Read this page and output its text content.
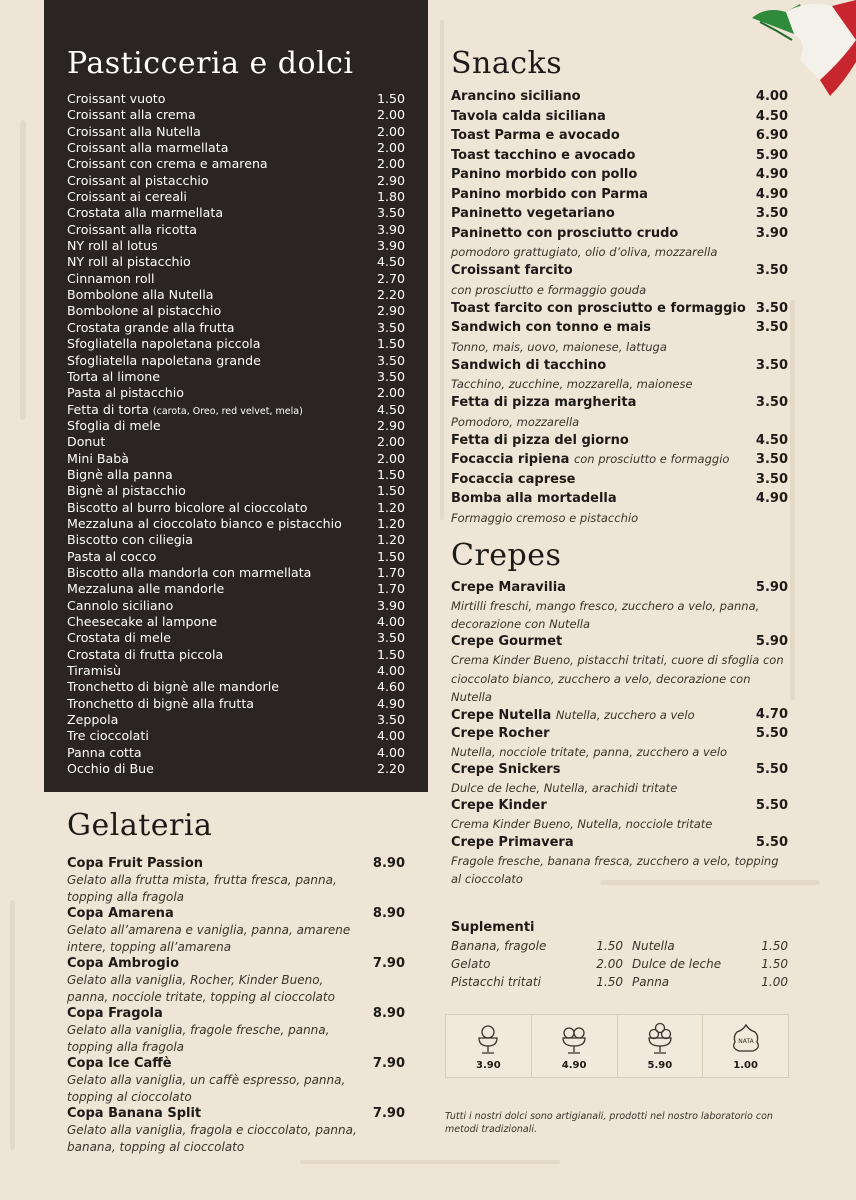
Pasticceria e dolci
Croissant vuoto	1.50
Croissant alla crema	2.00
Croissant alla Nutella	2.00
Croissant alla marmellata	2.00
Croissant con crema e amarena	2.00
Croissant al pistacchio	2.90
Croissant ai cereali	1.80
Crostata alla marmellata	3.50
Croissant alla ricotta	3.90
NY roll al lotus	3.90
NY roll al pistacchio	4.50
Cinnamon roll	2.70
Bombolone alla Nutella	2.20
Bombolone al pistacchio	2.90
Crostata grande alla frutta	3.50
Sfogliatella napoletana piccola	1.50
Sfogliatella napoletana grande	3.50
Torta al limone	3.50
Pasta al pistacchio	2.00
Fetta di torta (carota, Oreo, red velvet, mela)	4.50
Sfoglia di mele	2.90
Donut	2.00
Mini Babà	2.00
Bignè alla panna	1.50
Bignè al pistacchio	1.50
Biscotto al burro bicolore al cioccolato	1.20
Mezzaluna al cioccolato bianco e pistacchio	1.20
Biscotto con ciliegia	1.20
Pasta al cocco	1.50
Biscotto alla mandorla con marmellata	1.70
Mezzaluna alle mandorle	1.70
Cannolo siciliano	3.90
Cheesecake al lampone	4.00
Crostata di mele	3.50
Crostata di frutta piccola	1.50
Tiramisù	4.00
Tronchetto di bignè alle mandorle	4.60
Tronchetto di bignè alla frutta	4.90
Zeppola	3.50
Tre cioccolati	4.00
Panna cotta	4.00
Occhio di Bue	2.20
Gelateria
Copa Fruit Passion	8.90
Gelato alla frutta mista, frutta fresca, panna, topping alla fragola
Copa Amarena	8.90
Gelato all’amarena e vaniglia, panna, amarene intere, topping all’amarena
Copa Ambrogio	7.90
Gelato alla vaniglia, Rocher, Kinder Bueno, panna, nocciole tritate, topping al cioccolato
Copa Fragola	8.90
Gelato alla vaniglia, fragole fresche, panna, topping alla fragola
Copa Ice Caffè	7.90
Gelato alla vaniglia, un caffè espresso, panna, topping al cioccolato
Copa Banana Split	7.90
Gelato alla vaniglia, fragola e cioccolato, panna, banana, topping al cioccolato
Snacks
Arancino siciliano	4.00
Tavola calda siciliana	4.50
Toast Parma e avocado	6.90
Toast tacchino e avocado	5.90
Panino morbido con pollo	4.90
Panino morbido con Parma	4.90
Paninetto vegetariano	3.50
Paninetto con prosciutto crudo	3.90
pomodoro grattugiato, olio d’oliva, mozzarella
Croissant farcito	3.50
con prosciutto e formaggio gouda
Toast farcito con prosciutto e formaggio 3.50
Sandwich con tonno e mais	3.50
Tonno, mais, uovo, maionese, lattuga
Sandwich di tacchino	3.50
Tacchino, zucchine, mozzarella, maionese
Fetta di pizza margherita	3.50
Pomodoro, mozzarella
Fetta di pizza del giorno	4.50
Focaccia ripiena con prosciutto e formaggio 3.50
Focaccia caprese	3.50
Bomba alla mortadella	4.90
Formaggio cremoso e pistacchio
Crepes
Crepe Maravilia	5.90
Mirtilli freschi, mango fresco, zucchero a velo, panna, decorazione con Nutella
Crepe Gourmet	5.90
Crema Kinder Bueno, pistacchi tritati, cuore di sfoglia con cioccolato bianco, zucchero a velo, decorazione con Nutella
Crepe Nutella Nutella, zucchero a velo	4.70
Crepe Rocher	5.50
Nutella, nocciole tritate, panna, zucchero a velo
Crepe Snickers	5.50
Dulce de leche, Nutella, arachidi tritate
Crepe Kinder	5.50
Crema Kinder Bueno, Nutella, nocciole tritate
Crepe Primavera	5.50
Fragole fresche, banana fresca, zucchero a velo, topping al cioccolato
Suplementi
Banana, fragole	1.50 Nutella	1.50
Gelato	2.00 Dulce de leche	1.50
Pistacchi tritati	1.50 Panna	1.00
3.90	4.90	5.90
NATA
1.00
Tutti i nostri dolci sono artigianali, prodotti nel nostro laboratorio con metodi tradizionali.
